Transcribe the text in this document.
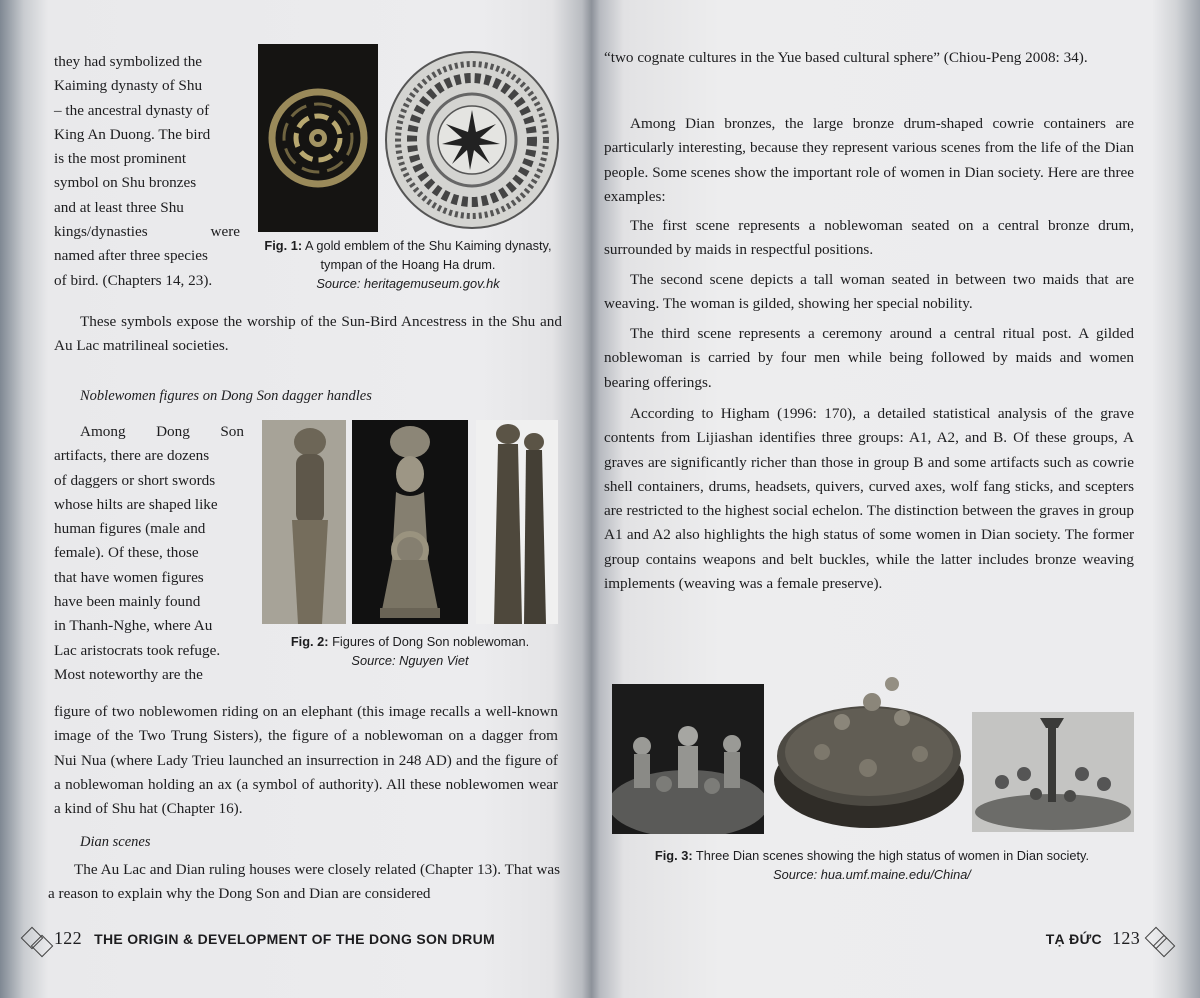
they had symbolized the
Kaiming dynasty of Shu
– the ancestral dynasty of
King An Duong. The bird
is the most prominent
symbol on Shu bronzes
and at least three Shu
kings/dynasties were
named after three species
of bird. (Chapters 14, 23).
Fig. 1: A gold emblem of the Shu Kaiming dynasty, tympan of the Hoang Ha drum.
Source: heritagemuseum.gov.hk
These symbols expose the worship of the Sun-Bird Ancestress in the Shu and Au Lac matrilineal societies.
Noblewomen figures on Dong Son dagger handles
Among Dong Son
artifacts, there are dozens
of daggers or short swords
whose hilts are shaped like
human figures (male and
female). Of these, those
that have women figures
have been mainly found
in Thanh-Nghe, where Au
Lac aristocrats took refuge.
Most noteworthy are the
Fig. 2: Figures of Dong Son noblewoman.
Source: Nguyen Viet
figure of two noblewomen riding on an elephant (this image recalls a well-known image of the Two Trung Sisters), the figure of a noblewoman on a dagger from Nui Nua (where Lady Trieu launched an insurrection in 248 AD) and the figure of a noblewoman holding an ax (a symbol of authority). All these noblewomen wear a kind of Shu hat (Chapter 16).
Dian scenes
The Au Lac and Dian ruling houses were closely related (Chapter 13). That was a reason to explain why the Dong Son and Dian are considered
122 THE ORIGIN & DEVELOPMENT OF THE DONG SON DRUM
“two cognate cultures in the Yue based cultural sphere” (Chiou-Peng 2008: 34).
Among Dian bronzes, the large bronze drum-shaped cowrie containers are particularly interesting, because they represent various scenes from the life of the Dian people. Some scenes show the important role of women in Dian society. Here are three examples:
The first scene represents a noblewoman seated on a central bronze drum, surrounded by maids in respectful positions.
The second scene depicts a tall woman seated in between two maids that are weaving. The woman is gilded, showing her special nobility.
The third scene represents a ceremony around a central ritual post. A gilded noblewoman is carried by four men while being followed by maids and women bearing offerings.
According to Higham (1996: 170), a detailed statistical analysis of the grave contents from Lijiashan identifies three groups: A1, A2, and B. Of these groups, A graves are significantly richer than those in group B and some artifacts such as cowrie shell containers, drums, headsets, quivers, curved axes, wolf fang sticks, and scepters are restricted to the highest social echelon. The distinction between the graves in group A1 and A2 also highlights the high status of some women in Dian society. The former group contains weapons and belt buckles, while the latter includes bronze weaving implements (weaving was a female preserve).
Fig. 3: Three Dian scenes showing the high status of women in Dian society.
Source: hua.umf.maine.edu/China/
TẠ ĐỨC 123
